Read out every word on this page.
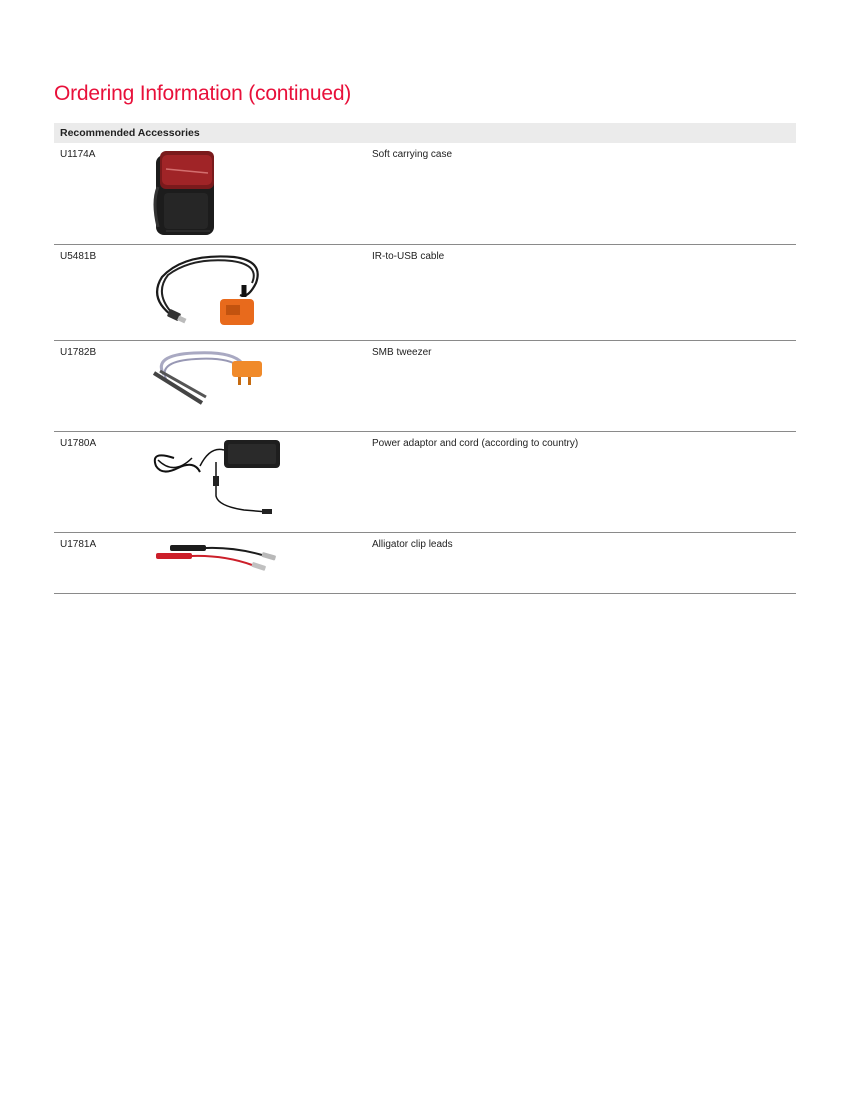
Ordering Information (continued)
Recommended Accessories
U1174A	Soft carrying case
U5481B	IR-to-USB cable
U1782B	SMB tweezer
U1780A	Power adaptor and cord (according to country)
U1781A	Alligator clip leads
